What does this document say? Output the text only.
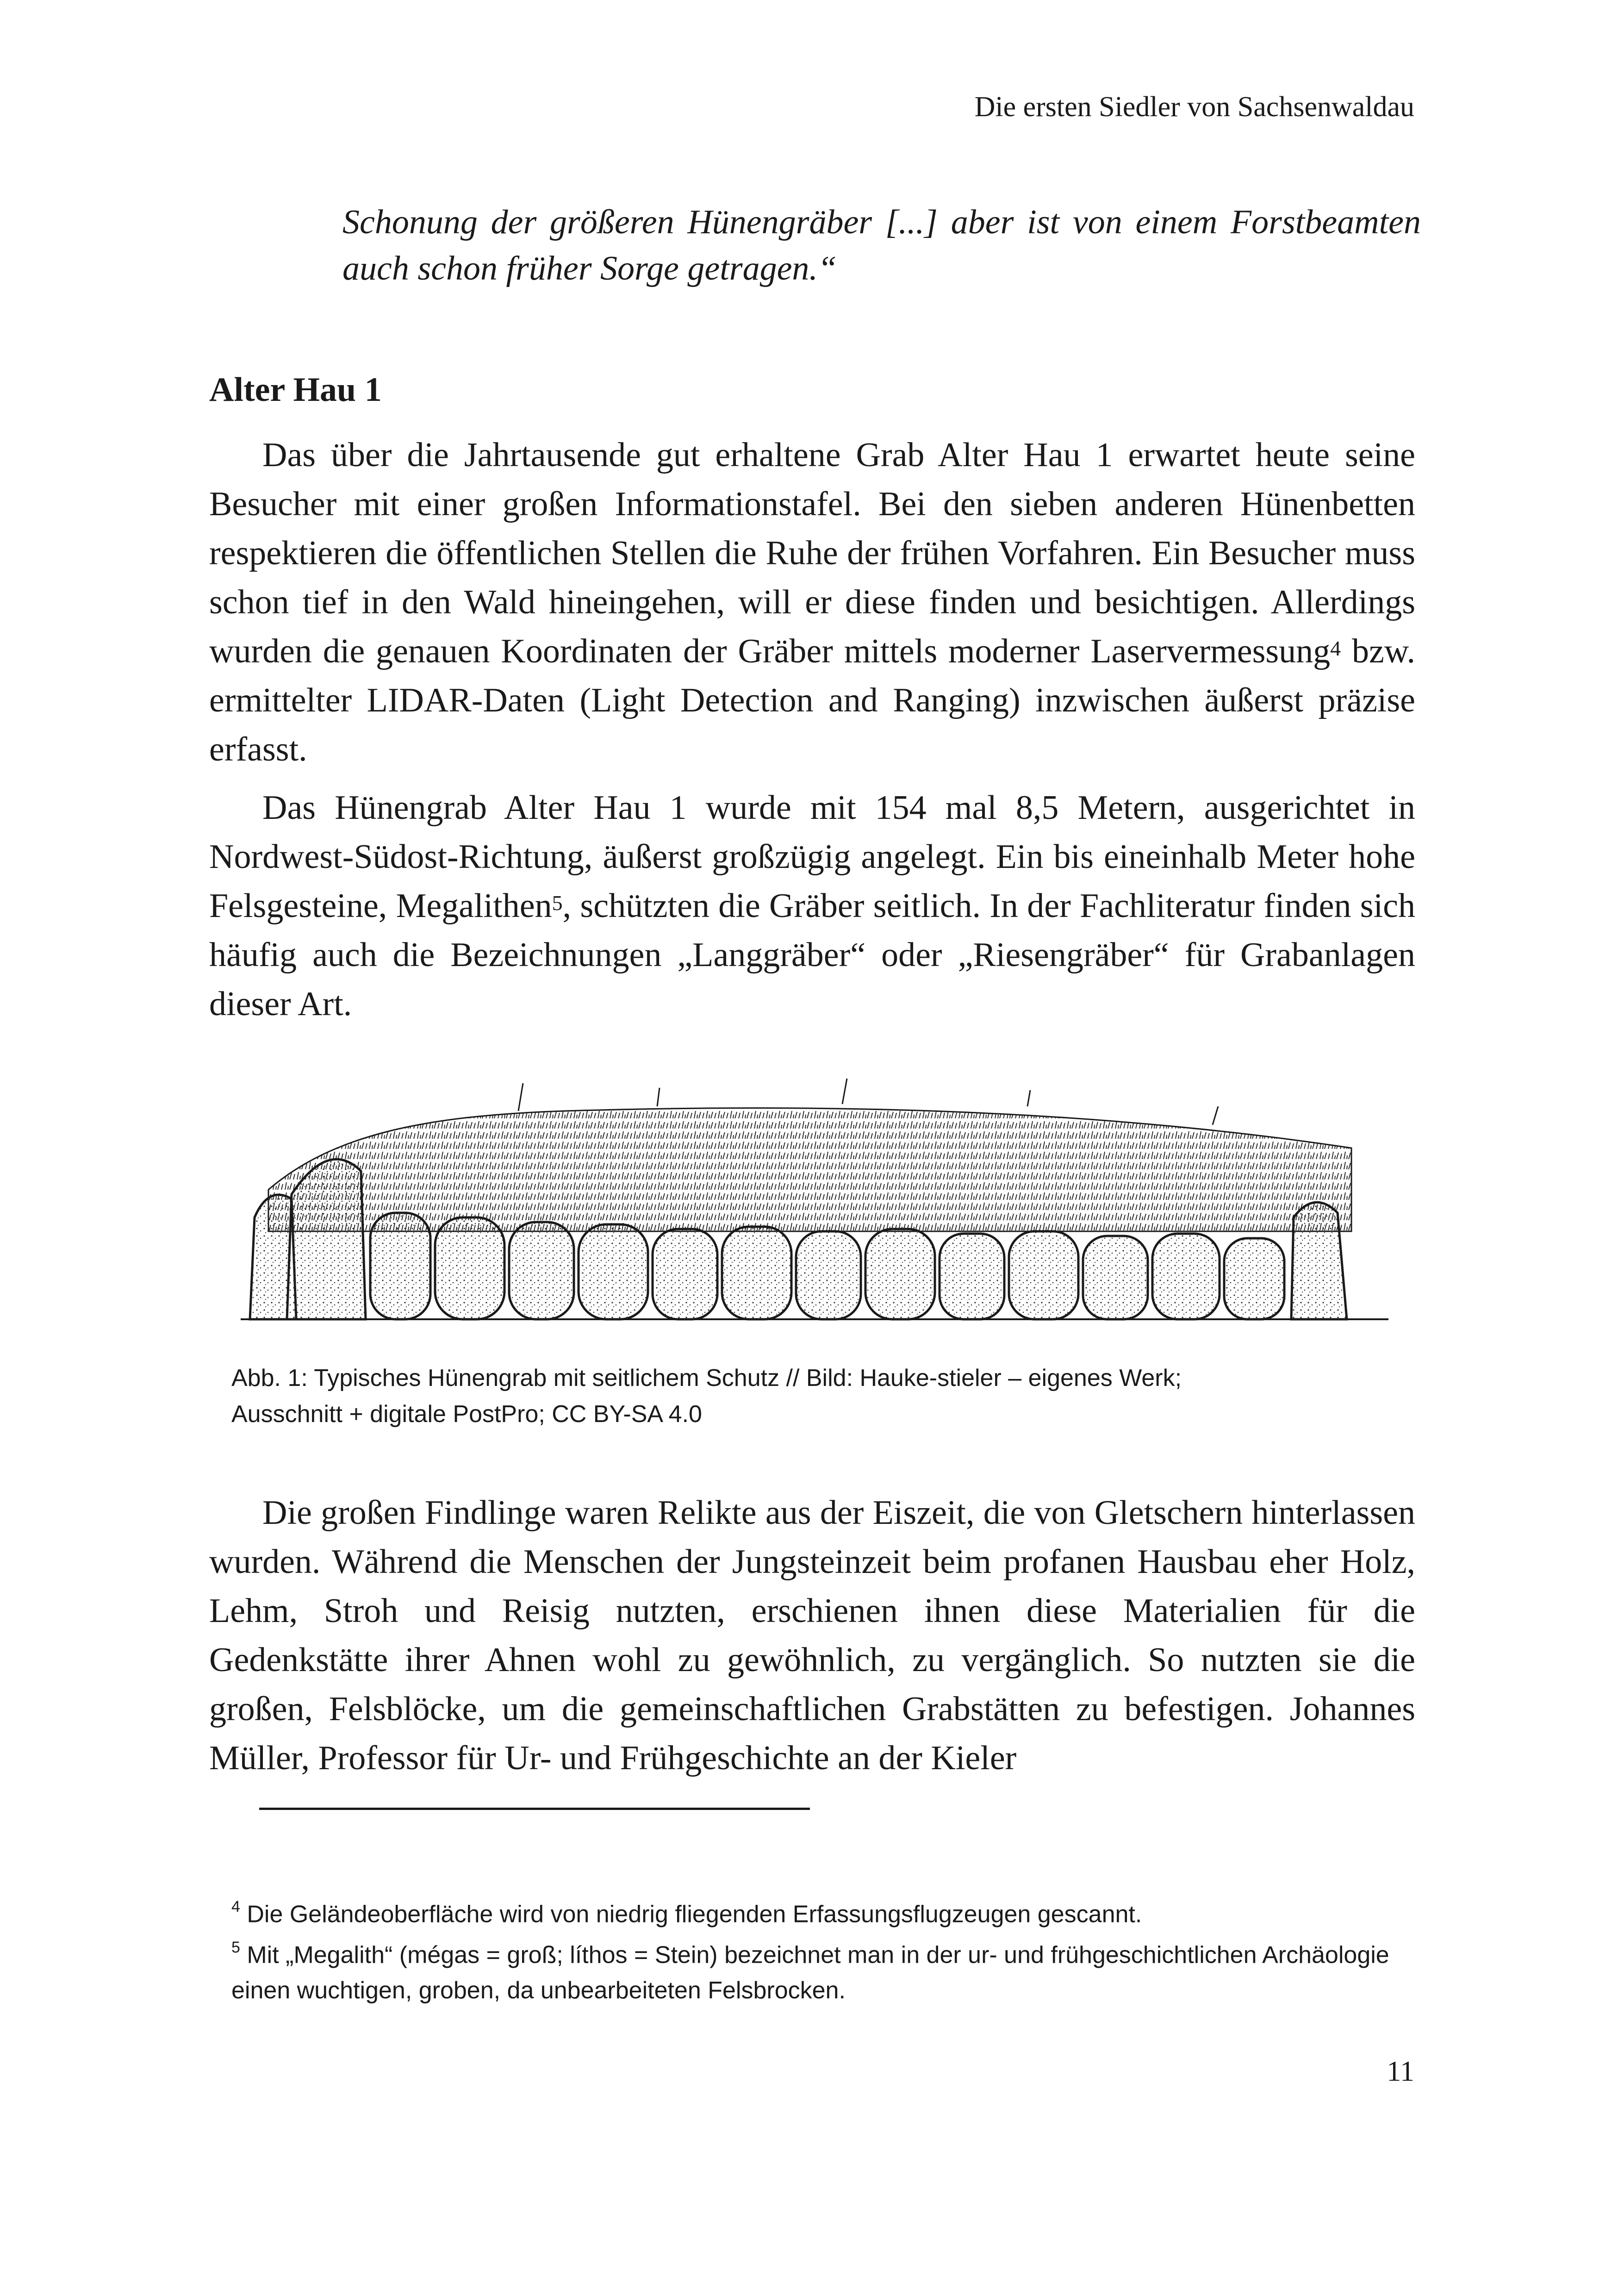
Die ersten Siedler von Sachsenwaldau
Schonung der größeren Hünengräber [...] aber ist von einem Forstbeamten auch schon früher Sorge getragen.“
Alter Hau 1

Das über die Jahrtausende gut erhaltene Grab Alter Hau 1 erwartet heute seine Besucher mit einer großen Informationstafel. Bei den sieben anderen Hünenbetten respektieren die öffentlichen Stellen die Ruhe der frühen Vorfahren. Ein Besucher muss schon tief in den Wald hineingehen, will er diese finden und besichtigen. Allerdings wurden die genauen Koordinaten der Gräber mittels moderner Laservermessung$^4$ bzw. ermittelter LIDAR-Daten (Light Detection and Ranging) inzwischen äußerst präzise erfasst.

Das Hünengrab Alter Hau 1 wurde mit 154 mal 8,5 Metern, ausgerichtet in Nordwest-Südost-Richtung, äußerst großzügig angelegt. Ein bis eineinhalb Meter hohe Felsgesteine, Megalithen$^5$, schützten die Gräber seitlich. In der Fachliteratur finden sich häufig auch die Bezeichnungen „Langgräber“ oder „Riesengräber“ für Grabanlagen dieser Art.

Abb. 1: Typisches Hünengrab mit seitlichem Schutz // Bild: Hauke-stieler – eigenes Werk;
Ausschnitt + digitale PostPro; CC BY-SA 4.0

Die großen Findlinge waren Relikte aus der Eiszeit, die von Gletschern hinterlassen wurden. Während die Menschen der Jungsteinzeit beim profanen Hausbau eher Holz, Lehm, Stroh und Reisig nutzten, erschienen ihnen diese Materialien für die Gedenkstätte ihrer Ahnen wohl zu gewöhnlich, zu vergänglich. So nutzten sie die großen, Felsblöcke, um die gemeinschaftlichen Grabstätten zu befestigen. Johannes Müller, Professor für Ur- und Frühgeschichte an der Kieler

$^4$ Die Geländeoberfläche wird von niedrig fliegenden Erfassungsflugzeugen gescannt.

$^5$ Mit „Megalith“ (mégas = groß; líthos = Stein) bezeichnet man in der ur- und frühgeschichtlichen Archäologie einen wuchtigen, groben, da unbearbeiteten Felsbrocken.

11
